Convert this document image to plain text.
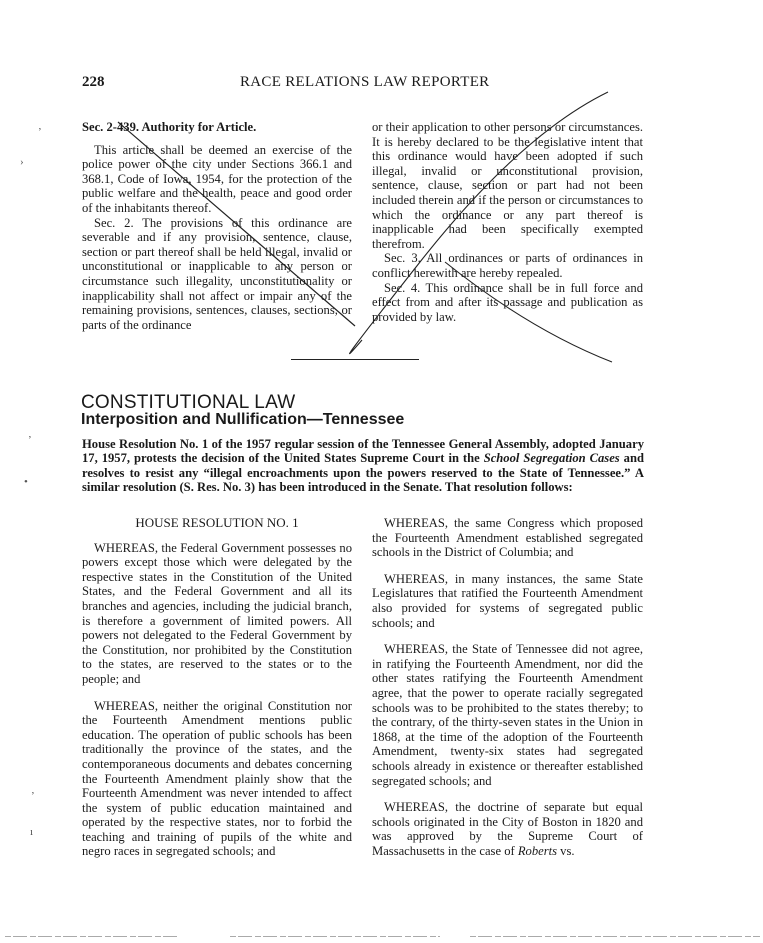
228	RACE RELATIONS LAW REPORTER

Sec. 2-439. Authority for Article.

This article shall be deemed an exercise of the police power of the city under Sections 366.1 and 368.1, Code of Iowa, 1954, for the protection of the public welfare and the health, peace and good order of the inhabitants thereof.

Sec. 2. The provisions of this ordinance are severable and if any provision, sentence, clause, section or part thereof shall be held illegal, invalid or unconstitutional or inapplicable to any person or circumstance such illegality, unconstitutionality or inapplicability shall not affect or impair any of the remaining provisions, sentences, clauses, sections, or parts of the ordinance

or their application to other persons or circumstances. It is hereby declared to be the legislative intent that this ordinance would have been adopted if such illegal, invalid or unconstitutional provision, sentence, clause, section or part had not been included therein and if the person or circumstances to which the ordinance or any part thereof is inapplicable had been specifically exempted therefrom.

Sec. 3. All ordinances or parts of ordinances in conflict herewith are hereby repealed.

Sec. 4. This ordinance shall be in full force and effect from and after its passage and publication as provided by law.

CONSTITUTIONAL LAW
Interposition and Nullification—Tennessee
House Resolution No. 1 of the 1957 regular session of the Tennessee General Assembly, adopted January 17, 1957, protests the decision of the United States Supreme Court in the School Segregation Cases and resolves to resist any “illegal encroachments upon the powers reserved to the State of Tennessee.” A similar resolution (S. Res. No. 3) has been introduced in the Senate. That resolution follows:

HOUSE RESOLUTION NO. 1

WHEREAS, the Federal Government possesses no powers except those which were delegated by the respective states in the Constitution of the United States, and the Federal Government and all its branches and agencies, including the judicial branch, is therefore a government of limited powers. All powers not delegated to the Federal Government by the Constitution, nor prohibited by the Constitution to the states, are reserved to the states or to the people; and

WHEREAS, neither the original Constitution nor the Fourteenth Amendment mentions public education. The operation of public schools has been traditionally the province of the states, and the contemporaneous documents and debates concerning the Fourteenth Amendment plainly show that the Fourteenth Amendment was never intended to affect the system of public education maintained and operated by the respective states, nor to forbid the teaching and training of pupils of the white and negro races in segregated schools; and

WHEREAS, the same Congress which proposed the Fourteenth Amendment established segregated schools in the District of Columbia; and

WHEREAS, in many instances, the same State Legislatures that ratified the Fourteenth Amendment also provided for systems of segregated public schools; and

WHEREAS, the State of Tennessee did not agree, in ratifying the Fourteenth Amendment, nor did the other states ratifying the Fourteenth Amendment agree, that the power to operate racially segregated schools was to be prohibited to the states thereby; to the contrary, of the thirty-seven states in the Union in 1868, at the time of the adoption of the Fourteenth Amendment, twenty-six states had segregated schools already in existence or thereafter established segregated schools; and

WHEREAS, the doctrine of separate but equal schools originated in the City of Boston in 1820 and was approved by the Supreme Court of Massachusetts in the case of Roberts vs.

’
›
’
•
’
ı
